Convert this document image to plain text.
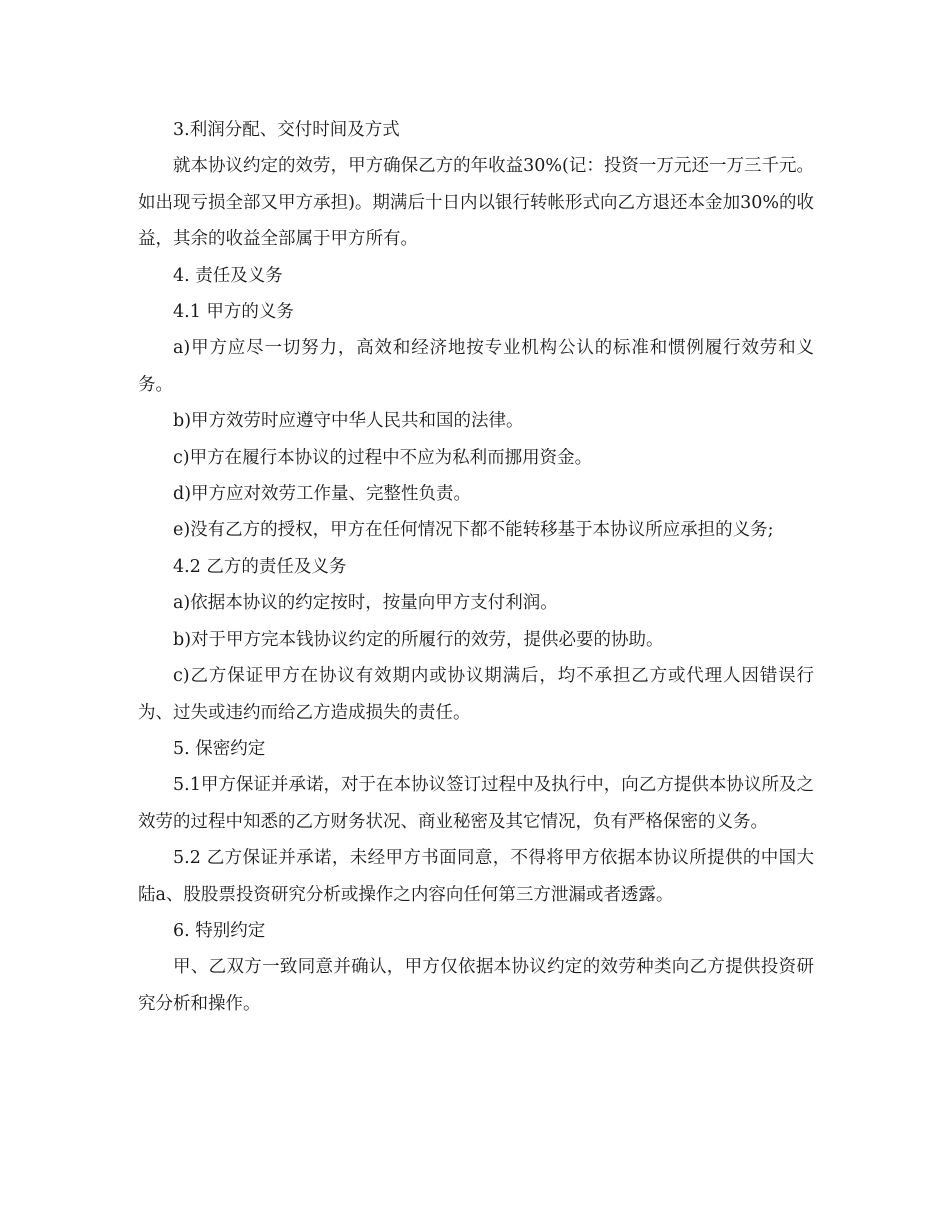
3.利润分配、交付时间及方式

就本协议约定的效劳，甲方确保乙方的年收益30%(记：投资一万元还一万三千元。如出现亏损全部又甲方承担)。期满后十日内以银行转帐形式向乙方退还本金加30%的收益，其余的收益全部属于甲方所有。

4. 责任及义务

4.1 甲方的义务

a)甲方应尽一切努力，高效和经济地按专业机构公认的标准和惯例履行效劳和义务。

b)甲方效劳时应遵守中华人民共和国的法律。

c)甲方在履行本协议的过程中不应为私利而挪用资金。

d)甲方应对效劳工作量、完整性负责。

e)没有乙方的授权，甲方在任何情况下都不能转移基于本协议所应承担的义务;

4.2 乙方的责任及义务

a)依据本协议的约定按时，按量向甲方支付利润。

b)对于甲方完本钱协议约定的所履行的效劳，提供必要的协助。

c)乙方保证甲方在协议有效期内或协议期满后，均不承担乙方或代理人因错误行为、过失或违约而给乙方造成损失的责任。

5. 保密约定

5.1甲方保证并承诺，对于在本协议签订过程中及执行中，向乙方提供本协议所及之效劳的过程中知悉的乙方财务状况、商业秘密及其它情况，负有严格保密的义务。

5.2 乙方保证并承诺，未经甲方书面同意，不得将甲方依据本协议所提供的中国大陆a、股股票投资研究分析或操作之内容向任何第三方泄漏或者透露。

6. 特别约定

甲、乙双方一致同意并确认，甲方仅依据本协议约定的效劳种类向乙方提供投资研究分析和操作。
